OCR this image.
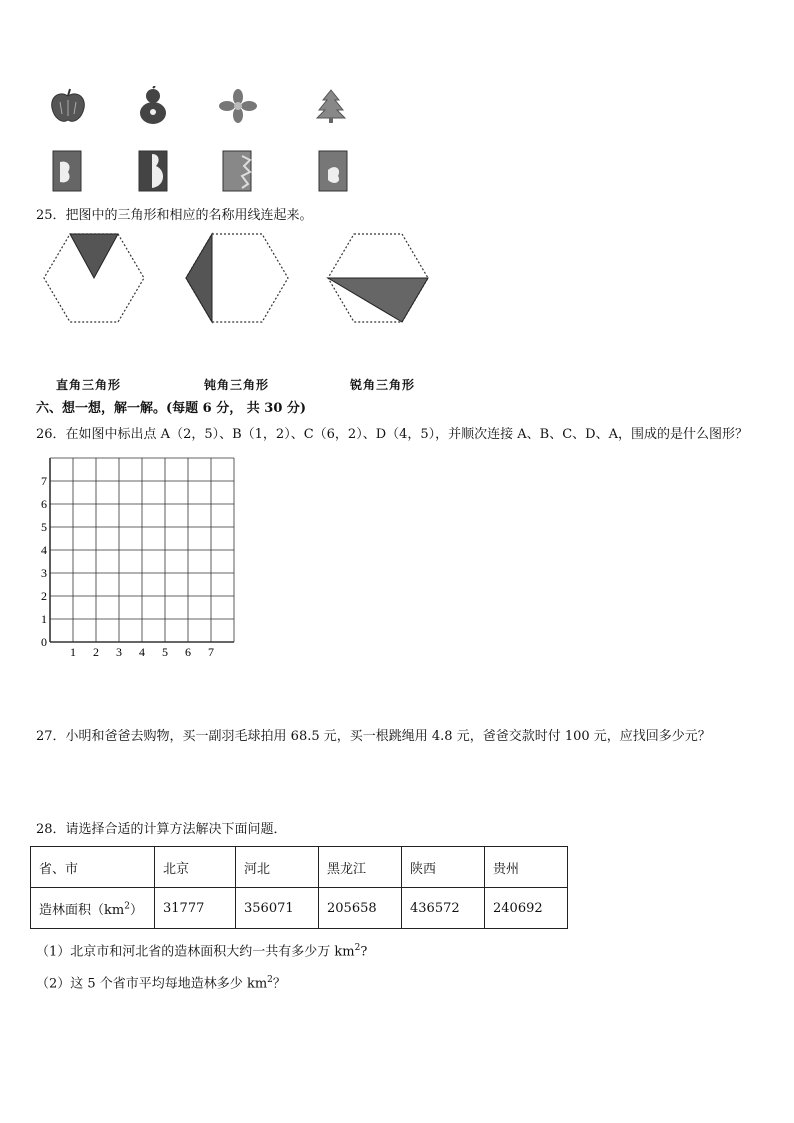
25．把图中的三角形和相应的名称用线连起来。
直角三角形	钝角三角形	锐角三角形
六、想一想，解一解。(每题 6 分， 共 30 分)
26．在如图中标出点 A（2，5）、B（1，2）、C（6，2）、D（4，5），并顺次连接 A、B、C、D、A，围成的是什么图形？
1 2 3 4 5 6 7
1
2
3
4
5
6
7
0
27．小明和爸爸去购物，买一副羽毛球拍用 68.5 元，买一根跳绳用 4.8 元，爸爸交款时付 100 元，应找回多少元？
28．请选择合适的计算方法解决下面问题．
省、市	北京	河北	黑龙江	陕西	贵州
造林面积$(km^2)$	31777	356071	205658	436572	240692
（1）北京市和河北省的造林面积大约一共有多少万 $km^2$?
（2）这 5 个省市平均每地造林多少 $km^2$？
